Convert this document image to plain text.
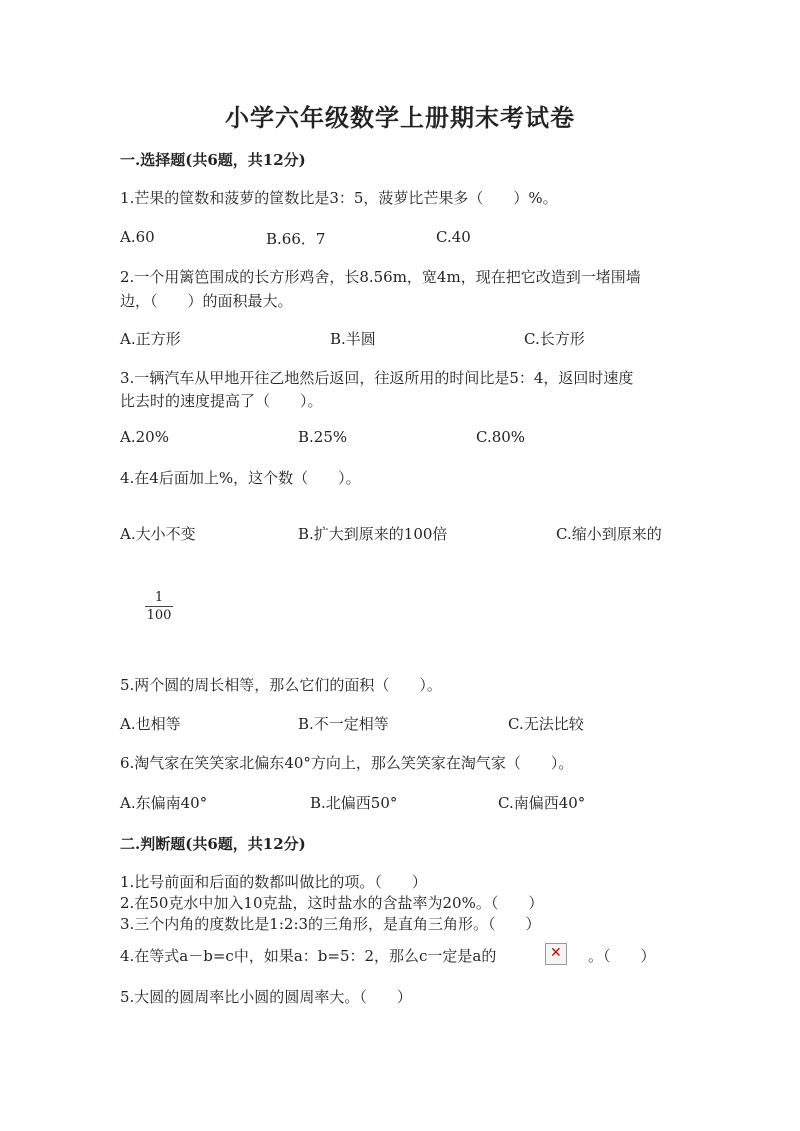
小学六年级数学上册期末考试卷
一.选择题(共6题，共12分)
1.芒果的筐数和菠萝的筐数比是3：5，菠萝比芒果多（　　）%。
A.60	B.66．7	C.40
2.一个用篱笆围成的长方形鸡舍，长8.56m，宽4m，现在把它改造到一堵围墙
边，（　　）的面积最大。
A.正方形	B.半圆	C.长方形
3.一辆汽车从甲地开往乙地然后返回，往返所用的时间比是5：4，返回时速度
比去时的速度提高了（　　）。
A.20%	B.25%	C.80%
4.在4后面加上%，这个数（　　）。
A.大小不变	B.扩大到原来的100倍	C.缩小到原来的
1
100
5.两个圆的周长相等，那么它们的面积（　　）。
A.也相等	B.不一定相等	C.无法比较
6.淘气家在笑笑家北偏东40°方向上，那么笑笑家在淘气家（　　）。
A.东偏南40°	B.北偏西50°	C.南偏西40°
二.判断题(共6题，共12分)
1.比号前面和后面的数都叫做比的项。（　　）
2.在50克水中加入10克盐，这时盐水的含盐率为20%。（　　）
3.三个内角的度数比是1:2:3的三角形，是直角三角形。（　　）
4.在等式a－b=c中，如果a：b=5：2，那么c一定是a的
✕	。（　　）
5.大圆的圆周率比小圆的圆周率大。（　　）
